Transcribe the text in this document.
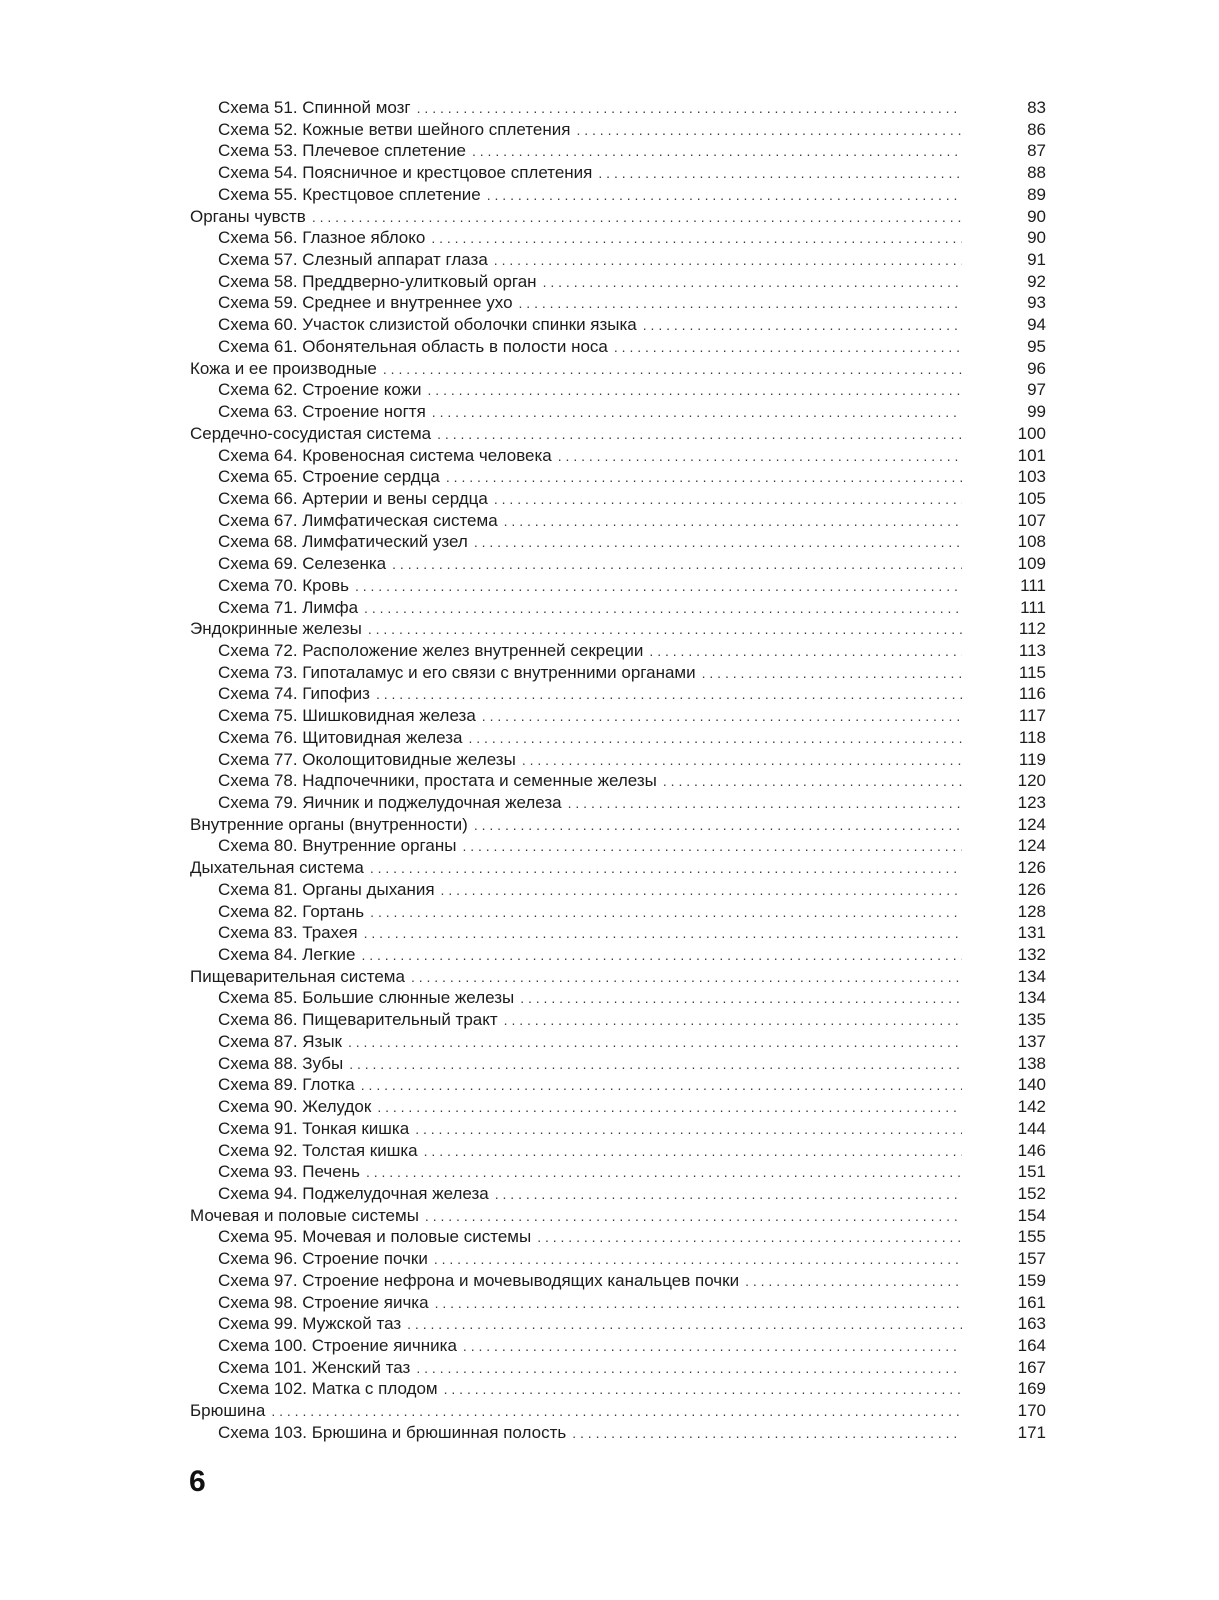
Схема 51. Спинной мозг . . .	83
Схема 52. Кожные ветви шейного сплетения . . .	86
Схема 53. Плечевое сплетение . . .	87
Схема 54. Поясничное и крестцовое сплетения . . .	88
Схема 55. Крестцовое сплетение . . .	89
Органы чувств . . .	90
Схема 56. Глазное яблоко . . .	90
Схема 57. Слезный аппарат глаза . . .	91
Схема 58. Преддверно-улитковый орган . . .	92
Схема 59. Среднее и внутреннее ухо . . .	93
Схема 60. Участок слизистой оболочки спинки языка . . .	94
Схема 61. Обонятельная область в полости носа . . .	95
Кожа и ее производные . . .	96
Схема 62. Строение кожи . . .	97
Схема 63. Строение ногтя . . .	99
Сердечно-сосудистая система . . .	100
Схема 64. Кровеносная система человека . . .	101
Схема 65. Строение сердца . . .	103
Схема 66. Артерии и вены сердца . . .	105
Схема 67. Лимфатическая система . . .	107
Схема 68. Лимфатический узел . . .	108
Схема 69. Селезенка . . .	109
Схема 70. Кровь . . .	111
Схема 71. Лимфа . . .	111
Эндокринные железы . . .	112
Схема 72. Расположение желез внутренней секреции . . .	113
Схема 73. Гипоталамус и его связи с внутренними органами . . .	115
Схема 74. Гипофиз . . .	116
Схема 75. Шишковидная железа . . .	117
Схема 76. Щитовидная железа . . .	118
Схема 77. Околощитовидные железы . . .	119
Схема 78. Надпочечники, простата и семенные железы . . .	120
Схема 79. Яичник и поджелудочная железа . . .	123
Внутренние органы (внутренности) . . .	124
Схема 80. Внутренние органы . . .	124
Дыхательная система . . .	126
Схема 81. Органы дыхания . . .	126
Схема 82. Гортань . . .	128
Схема 83. Трахея . . .	131
Схема 84. Легкие . . .	132
Пищеварительная система . . .	134
Схема 85. Большие слюнные железы . . .	134
Схема 86. Пищеварительный тракт . . .	135
Схема 87. Язык . . .	137
Схема 88. Зубы . . .	138
Схема 89. Глотка . . .	140
Схема 90. Желудок . . .	142
Схема 91. Тонкая кишка . . .	144
Схема 92. Толстая кишка . . .	146
Схема 93. Печень . . .	151
Схема 94. Поджелудочная железа . . .	152
Мочевая и половые системы . . .	154
Схема 95. Мочевая и половые системы . . .	155
Схема 96. Строение почки . . .	157
Схема 97. Строение нефрона и мочевыводящих канальцев почки . . .	159
Схема 98. Строение яичка . . .	161
Схема 99. Мужской таз . . .	163
Схема 100. Строение яичника . . .	164
Схема 101. Женский таз . . .	167
Схема 102. Матка с плодом . . .	169
Брюшина . . .	170
Схема 103. Брюшина и брюшинная полость . . .	171
6
